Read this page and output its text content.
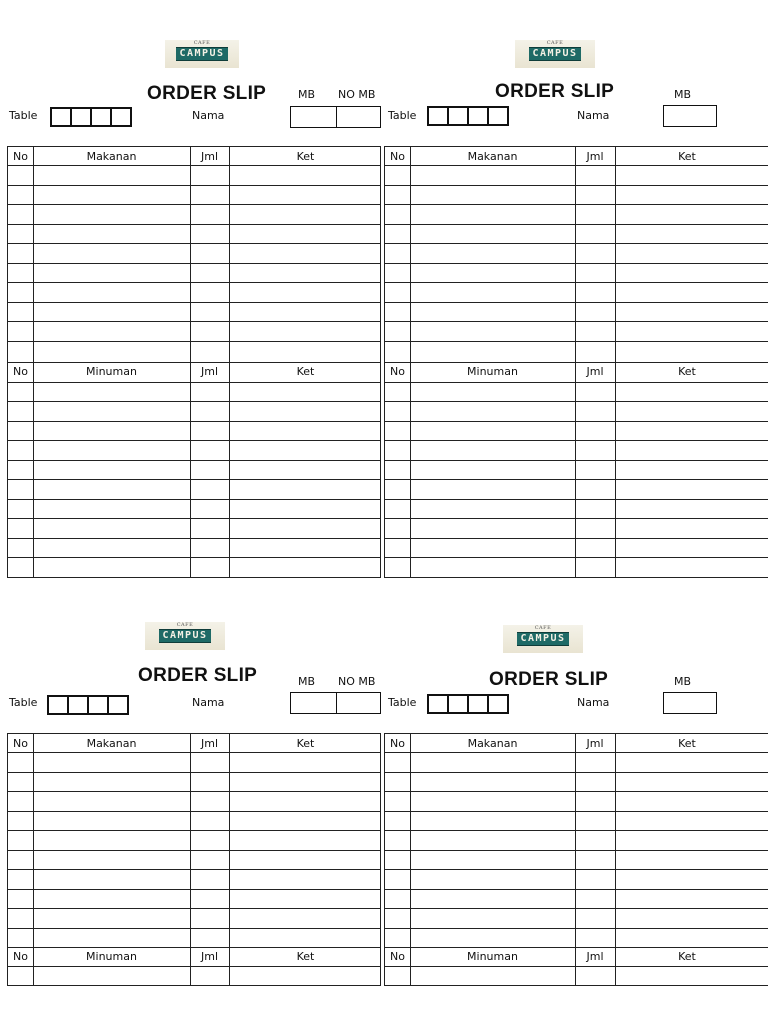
CAFE
CAMPUS
ORDER SLIP	MB NO MB
Table	Nama
No	Makanan	Jml	Ket
No	Minuman	Jml	Ket
CAFE
CAMPUS
ORDER SLIP	MB
Table	Nama
No	Makanan	Jml	Ket
No	Minuman	Jml	Ket
CAFE
CAMPUS
ORDER SLIP	MB NO MB
Table	Nama
No	Makanan	Jml	Ket
No	Minuman	Jml	Ket
CAFE
CAMPUS
ORDER SLIP	MB
Table	Nama
No	Makanan	Jml	Ket
No	Minuman	Jml	Ket
